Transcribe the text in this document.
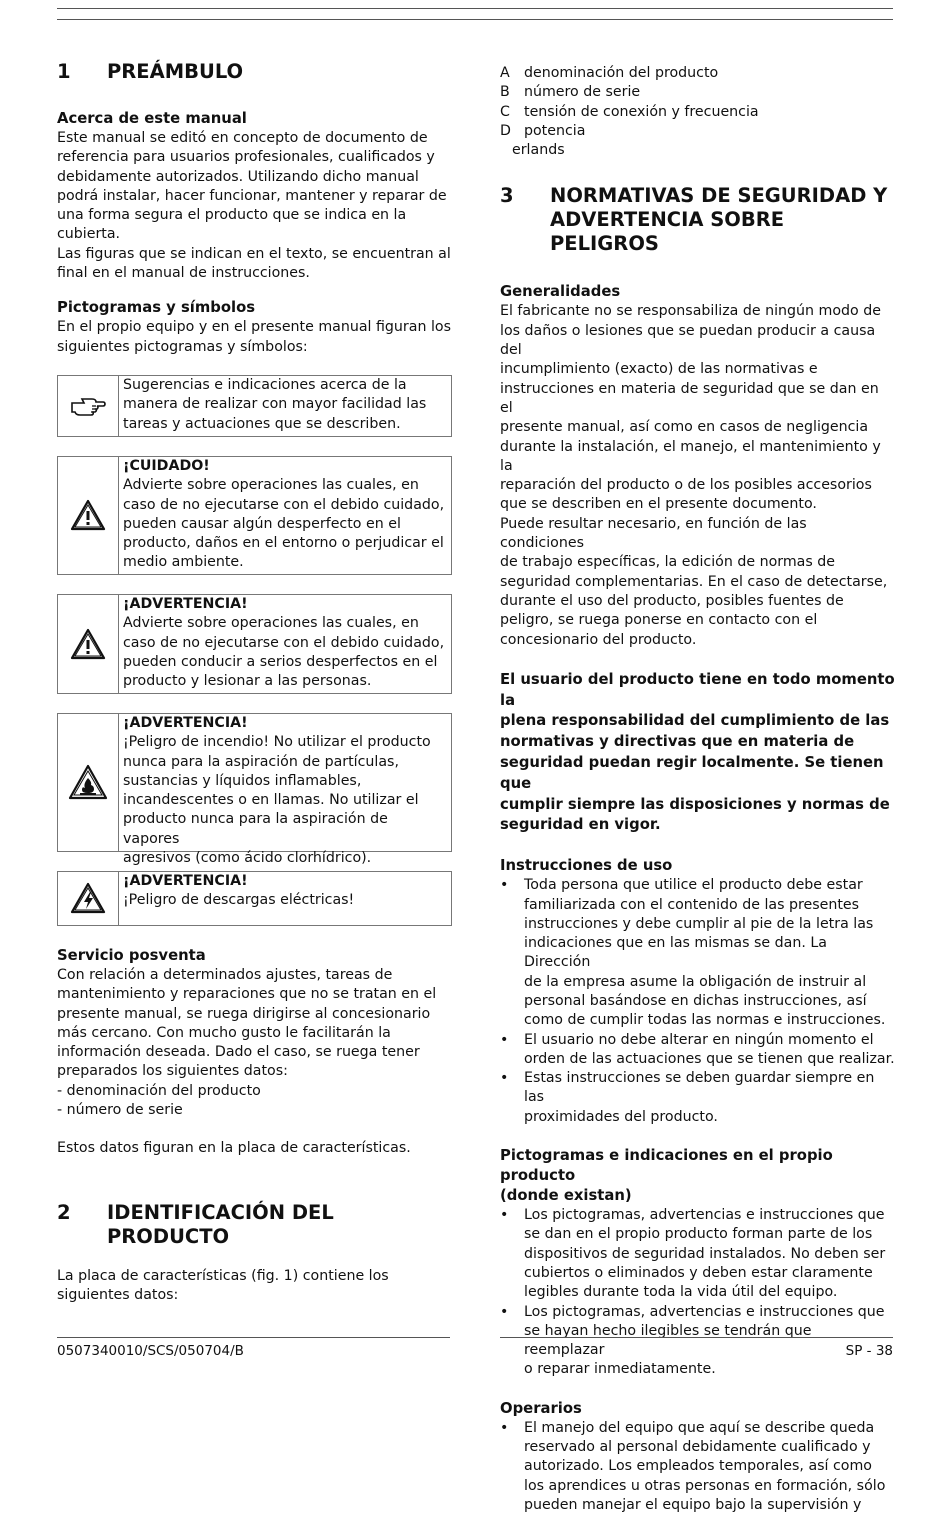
1	PREÁMBULO
Acerca de este manual

Este manual se editó en concepto de documento de

referencia para usuarios profesionales, cualificados y

debidamente autorizados. Utilizando dicho manual

podrá instalar, hacer funcionar, mantener y reparar de

una forma segura el producto que se indica en la

cubierta.

Las figuras que se indican en el texto, se encuentran al

final en el manual de instrucciones.

Pictogramas y símbolos

En el propio equipo y en el presente manual figuran los

siguientes pictogramas y símbolos:

Sugerencias e indicaciones acerca de la

manera de realizar con mayor facilidad las

tareas y actuaciones que se describen.

¡CUIDADO!

Advierte sobre operaciones las cuales, en

caso de no ejecutarse con el debido cuidado,

pueden causar algún desperfecto en el

producto, daños en el entorno o perjudicar el

medio ambiente.

¡ADVERTENCIA!

Advierte sobre operaciones las cuales, en

caso de no ejecutarse con el debido cuidado,

pueden conducir a serios desperfectos en el

producto y lesionar a las personas.

¡ADVERTENCIA!

¡Peligro de incendio! No utilizar el producto

nunca para la aspiración de partículas,

sustancias y líquidos inflamables,

incandescentes o en llamas. No utilizar el

producto nunca para la aspiración de vapores

agresivos (como ácido clorhídrico).

¡ADVERTENCIA!

¡Peligro de descargas eléctricas!

Servicio posventa

Con relación a determinados ajustes, tareas de

mantenimiento y reparaciones que no se tratan en el

presente manual, se ruega dirigirse al concesionario

más cercano. Con mucho gusto le facilitarán la

información deseada. Dado el caso, se ruega tener

preparados los siguientes datos:

- denominación del producto

- número de serie

Estos datos figuran en la placa de características.

2	IDENTIFICACIÓN DEL PRODUCTO

La placa de características (fig. 1) contiene los

siguientes datos:

A	denominación del producto
B	número de serie
C tensión de conexión y frecuencia
D potencia

erlands

3	NORMATIVAS DE SEGURIDAD Y
ADVERTENCIA SOBRE PELIGROS
Generalidades

El fabricante no se responsabiliza de ningún modo de

los daños o lesiones que se puedan producir a causa del

incumplimiento (exacto) de las normativas e

instrucciones en materia de seguridad que se dan en el

presente manual, así como en casos de negligencia

durante la instalación, el manejo, el mantenimiento y la

reparación del producto o de los posibles accesorios

que se describen en el presente documento.

Puede resultar necesario, en función de las condiciones

de trabajo específicas, la edición de normas de

seguridad complementarias. En el caso de detectarse,

durante el uso del producto, posibles fuentes de

peligro, se ruega ponerse en contacto con el

concesionario del producto.

El usuario del producto tiene en todo momento la

plena responsabilidad del cumplimiento de las

normativas y directivas que en materia de

seguridad puedan regir localmente. Se tienen que

cumplir siempre las disposiciones y normas de

seguridad en vigor.

Instrucciones de uso
•	Toda persona que utilice el producto debe estar

familiarizada con el contenido de las presentes

instrucciones y debe cumplir al pie de la letra las

indicaciones que en las mismas se dan. La Dirección

de la empresa asume la obligación de instruir al

personal basándose en dichas instrucciones, así

como de cumplir todas las normas e instrucciones.

•	El usuario no debe alterar en ningún momento el

orden de las actuaciones que se tienen que realizar.

•	Estas instrucciones se deben guardar siempre en las

proximidades del producto.

Pictogramas e indicaciones en el propio producto
(donde existan)
•	Los pictogramas, advertencias e instrucciones que

se dan en el propio producto forman parte de los

dispositivos de seguridad instalados. No deben ser

cubiertos o eliminados y deben estar claramente

legibles durante toda la vida útil del equipo.

•	Los pictogramas, advertencias e instrucciones que

se hayan hecho ilegibles se tendrán que reemplazar

o reparar inmediatamente.

Operarios
•	El manejo del equipo que aquí se describe queda

reservado al personal debidamente cualificado y

autorizado. Los empleados temporales, así como

los aprendices u otras personas en formación, sólo

pueden manejar el equipo bajo la supervisión y

0507340010/SCS/050704/B	SP - 38
